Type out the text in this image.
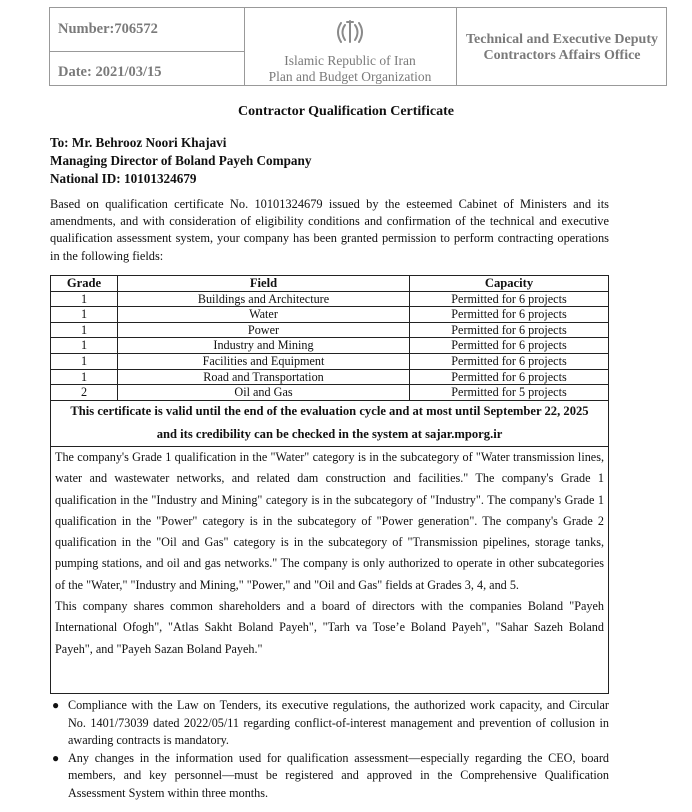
Number:706572
Date: 2021/03/15
Islamic Republic of Iran
Plan and Budget Organization
Technical and Executive Deputy
Contractors Affairs Office
Contractor Qualification Certificate
To: Mr. Behrooz Noori Khajavi
Managing Director of Boland Payeh Company
National ID: 10101324679
Based on qualification certificate No. 10101324679 issued by the esteemed Cabinet of Ministers and its amendments, and with consideration of eligibility conditions and confirmation of the technical and executive qualification assessment system, your company has been granted permission to perform contracting operations in the following fields:
Grade	Field	Capacity
1	Buildings and Architecture	Permitted for 6 projects
1	Water	Permitted for 6 projects
1	Power	Permitted for 6 projects
1	Industry and Mining	Permitted for 6 projects
1	Facilities and Equipment	Permitted for 6 projects
1	Road and Transportation	Permitted for 6 projects
2	Oil and Gas	Permitted for 5 projects
This certificate is valid until the end of the evaluation cycle and at most until September 22, 2025
and its credibility can be checked in the system at sajar.mporg.ir

The company's Grade 1 qualification in the "Water" category is in the subcategory of "Water transmission lines, water and wastewater networks, and related dam construction and facilities." The company's Grade 1 qualification in the "Industry and Mining" category is in the subcategory of "Industry". The company's Grade 1 qualification in the "Power" category is in the subcategory of "Power generation". The company's Grade 2 qualification in the "Oil and Gas" category is in the subcategory of "Transmission pipelines, storage tanks, pumping stations, and oil and gas networks." The company is only authorized to operate in other subcategories of the "Water," "Industry and Mining," "Power," and "Oil and Gas" fields at Grades 3, 4, and 5.

This company shares common shareholders and a board of directors with the companies Boland "Payeh International Ofogh", "Atlas Sakht Boland Payeh", "Tarh va Tose’e Boland Payeh", "Sahar Sazeh Boland Payeh", and "Payeh Sazan Boland Payeh."

● Compliance with the Law on Tenders, its executive regulations, the authorized work capacity, and Circular No. 1401/73039 dated 2022/05/11 regarding conflict-of-interest management and prevention of collusion in awarding contracts is mandatory.
● Any changes in the information used for qualification assessment—especially regarding the CEO, board members, and key personnel—must be registered and approved in the Comprehensive Qualification Assessment System within three months.
